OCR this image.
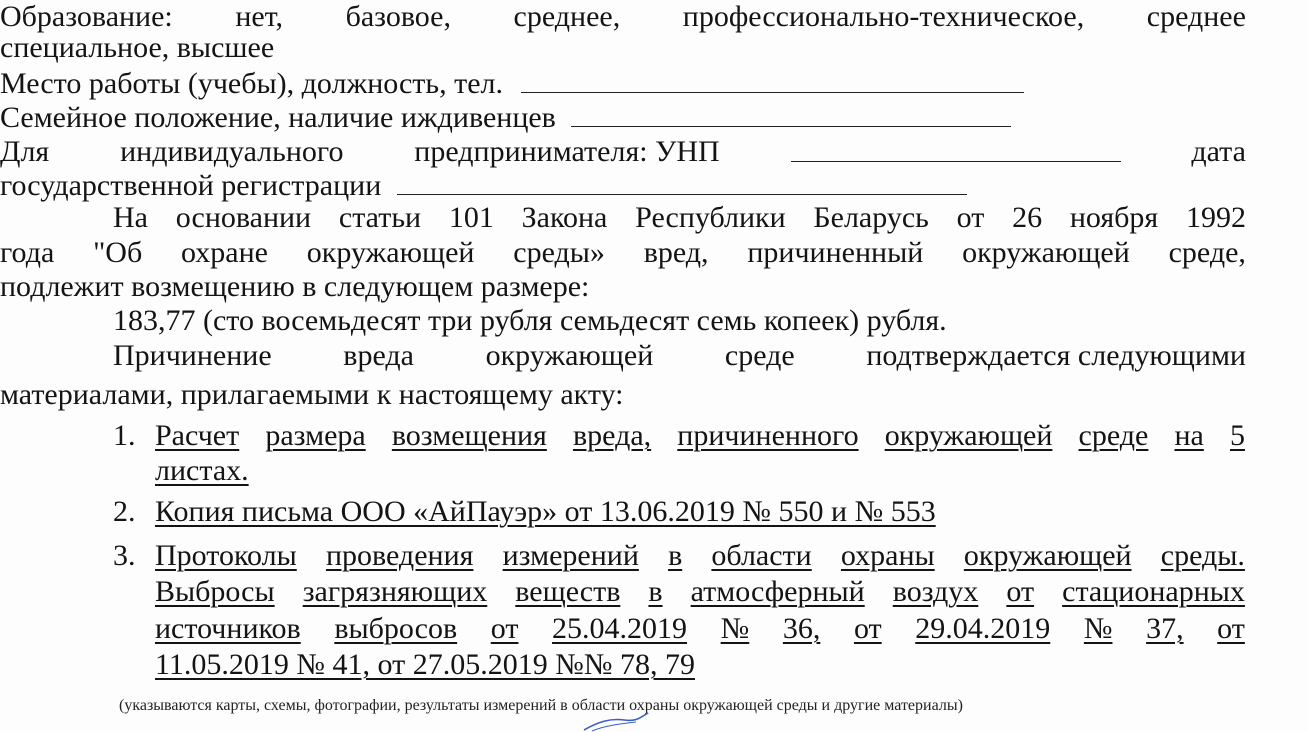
Образование: нет, базовое, среднее, профессионально-техническое, среднее
специальное, высшее
Место работы (учебы), должность, тел.
Семейное положение, наличие иждивенцев
Для индивидуального предпринимателя: УНП	дата
государственной регистрации
На основании статьи 101 Закона Республики Беларусь от 26 ноября 1992
года "Об охране окружающей среды» вред, причиненный окружающей среде,
подлежит возмещению в следующем размере:
183,77 (сто восемьдесят три рубля семьдесят семь копеек) рубля.
Причинение вреда окружающей среде подтверждается следующими
материалами, прилагаемыми к настоящему акту:
1. Расчет размера возмещения вреда, причиненного окружающей среде на 5
листах.
2. Копия письма ООО «АйПауэр» от 13.06.2019 № 550 и № 553
3. Протоколы проведения измерений в области охраны окружающей среды.
Выбросы загрязняющих веществ в атмосферный воздух от стационарных
источников выбросов от 25.04.2019 № 36, от 29.04.2019 № 37, от
11.05.2019 № 41, от 27.05.2019 №№ 78, 79
(указываются карты, схемы, фотографии, результаты измерений в области охраны окружающей среды и другие материалы)
